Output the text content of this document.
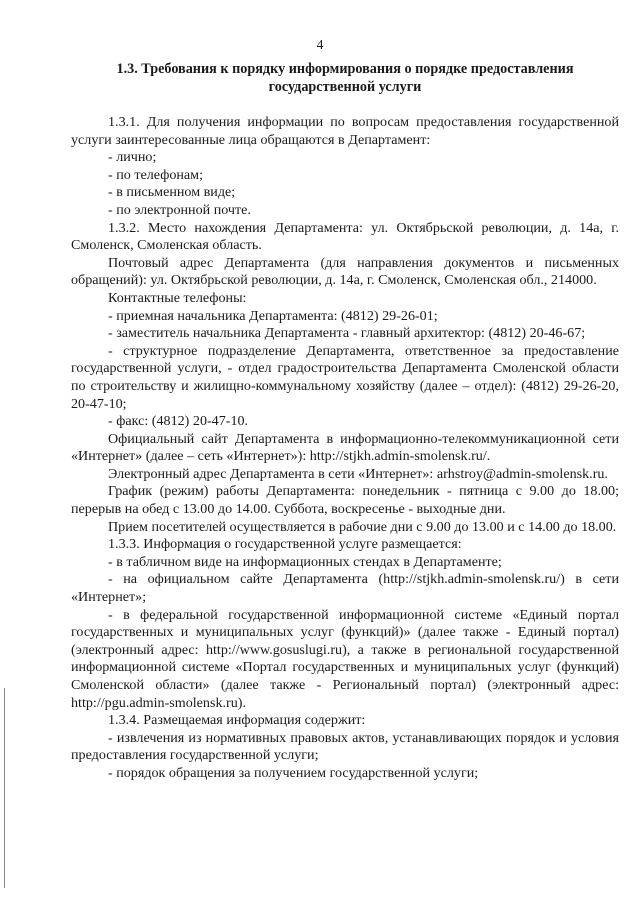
4
1.3. Требования к порядку информирования о порядке предоставления государственной услуги

1.3.1. Для получения информации по вопросам предоставления государственной услуги заинтересованные лица обращаются в Департамент:

- лично;

- по телефонам;

- в письменном виде;

- по электронной почте.

1.3.2. Место нахождения Департамента: ул. Октябрьской революции, д. 14а, г. Смоленск, Смоленская область.

Почтовый адрес Департамента (для направления документов и письменных обращений): ул. Октябрьской революции, д. 14а, г. Смоленск, Смоленская обл., 214000.

Контактные телефоны:

- приемная начальника Департамента: (4812) 29-26-01;

- заместитель начальника Департамента - главный архитектор: (4812) 20-46-67;

- структурное подразделение Департамента, ответственное за предоставление государственной услуги, - отдел градостроительства Департамента Смоленской области по строительству и жилищно-коммунальному хозяйству (далее – отдел): (4812) 29-26-20, 20-47-10;

- факс: (4812) 20-47-10.

Официальный сайт Департамента в информационно-телекоммуникационной сети «Интернет» (далее – сеть «Интернет»): http://stjkh.admin-smolensk.ru/.

Электронный адрес Департамента в сети «Интернет»: arhstroy@admin-smolensk.ru.

График (режим) работы Департамента: понедельник - пятница с 9.00 до 18.00; перерыв на обед с 13.00 до 14.00. Суббота, воскресенье - выходные дни.

Прием посетителей осуществляется в рабочие дни с 9.00 до 13.00 и с 14.00 до 18.00.

1.3.3. Информация о государственной услуге размещается:

- в табличном виде на информационных стендах в Департаменте;

- на официальном сайте Департамента (http://stjkh.admin-smolensk.ru/) в сети «Интернет»;

- в федеральной государственной информационной системе «Единый портал государственных и муниципальных услуг (функций)» (далее также - Единый портал) (электронный адрес: http://www.gosuslugi.ru), а также в региональной государственной информационной системе «Портал государственных и муниципальных услуг (функций) Смоленской области» (далее также - Региональный портал) (электронный адрес: http://pgu.admin-smolensk.ru).

1.3.4. Размещаемая информация содержит:

- извлечения из нормативных правовых актов, устанавливающих порядок и условия предоставления государственной услуги;

- порядок обращения за получением государственной услуги;
